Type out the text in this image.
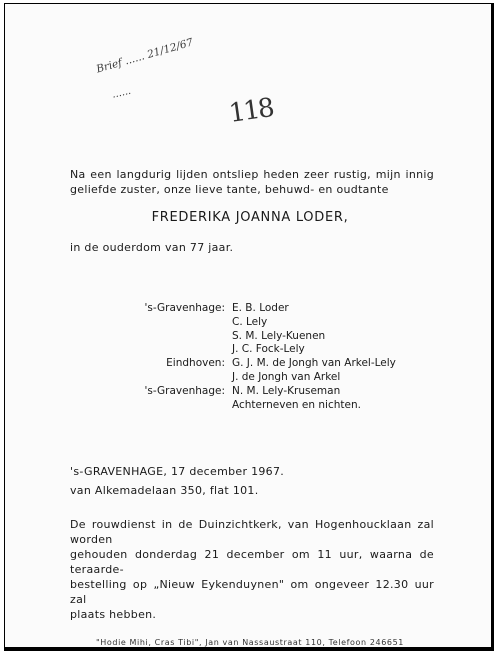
Brief ...... 21/12/67
......	118
Na een langdurig lijden ontsliep heden zeer rustig, mijn innig
geliefde zuster, onze lieve tante, behuwd- en oudtante
FREDERIKA JOANNA LODER,
in de ouderdom van 77 jaar.
's-Gravenhage: E. B. Loder
C. Lely
S. M. Lely-Kuenen
J. C. Fock-Lely
Eindhoven: G. J. M. de Jongh van Arkel-Lely
J. de Jongh van Arkel
's-Gravenhage: N. M. Lely-Kruseman
Achterneven en nichten.
's-GRAVENHAGE, 17 december 1967.
van Alkemadelaan 350, flat 101.
De rouwdienst in de Duinzichtkerk, van Hogenhoucklaan zal worden
gehouden donderdag 21 december om 11 uur, waarna de teraarde-
bestelling op „Nieuw Eykenduynen" om ongeveer 12.30 uur zal
plaats hebben.
"Hodie Mihi, Cras Tibi", Jan van Nassaustraat 110, Telefoon 246651
